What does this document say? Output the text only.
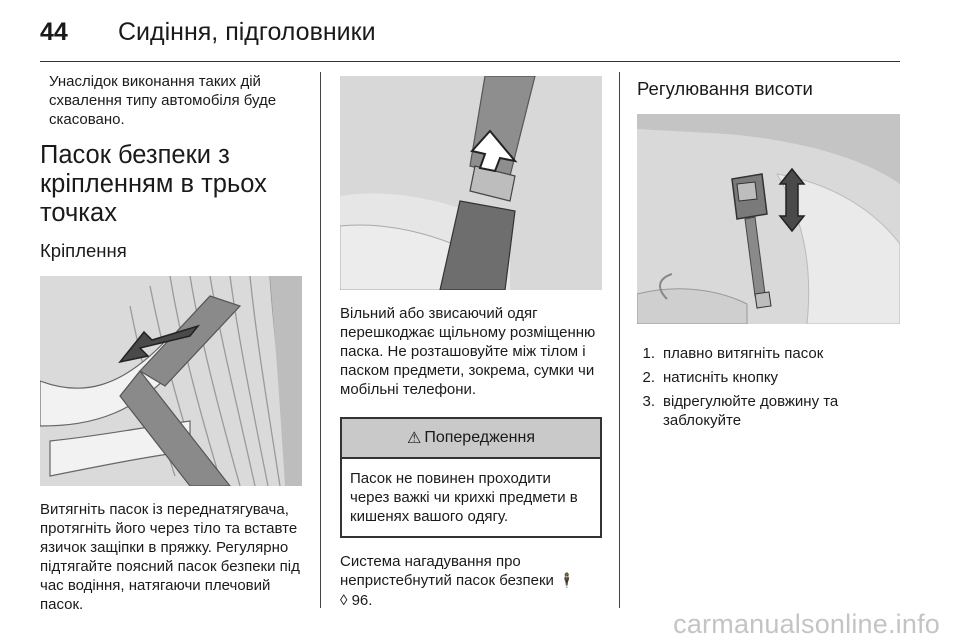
44	Сидіння, підголовники

Унаслідок виконання таких дій схвалення типу автомобіля буде скасовано.

Пасок безпеки з кріпленням в трьох точках
Кріплення

Витягніть пасок із переднатягувача, протягніть його через тіло та вставте язичок защіпки в пряжку. Регулярно підтягайте поясний пасок безпеки під час водіння, натягаючи плечовий пасок.

Вільний або звисаючий одяг перешкоджає щільному розміщенню паска. Не розташовуйте між тілом і паском предмети, зокрема, сумки чи мобільні телефони.

⚠ Попередження

Пасок не повинен проходити через важкі чи крихкі предмети в кишенях вашого одягу.

Система нагадування про непристебнутий пасок безпеки 🕴
◊ 96.

Регулювання висоти
1. плавно витягніть пасок
2. натисніть кнопку
3. відрегулюйте довжину та заблокуйте
carmanualsonline.info
